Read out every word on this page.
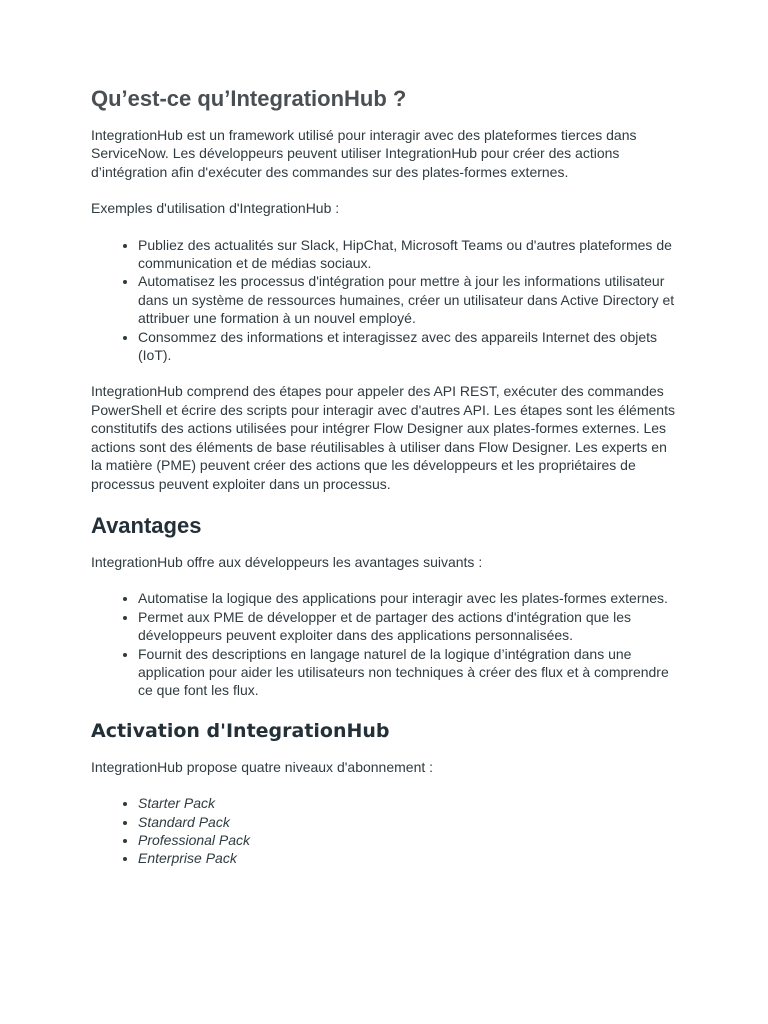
Qu’est-ce qu’IntegrationHub ?

IntegrationHub est un framework utilisé pour interagir avec des plateformes tierces dans ServiceNow. Les développeurs peuvent utiliser IntegrationHub pour créer des actions d’intégration afin d'exécuter des commandes sur des plates-formes externes.

Exemples d'utilisation d'IntegrationHub :

• Publiez des actualités sur Slack, HipChat, Microsoft Teams ou d'autres plateformes de communication et de médias sociaux.
• Automatisez les processus d'intégration pour mettre à jour les informations utilisateur dans un système de ressources humaines, créer un utilisateur dans Active Directory et attribuer une formation à un nouvel employé.
• Consommez des informations et interagissez avec des appareils Internet des objets (IoT).

IntegrationHub comprend des étapes pour appeler des API REST, exécuter des commandes PowerShell et écrire des scripts pour interagir avec d'autres API. Les étapes sont les éléments constitutifs des actions utilisées pour intégrer Flow Designer aux plates-formes externes. Les actions sont des éléments de base réutilisables à utiliser dans Flow Designer. Les experts en la matière (PME) peuvent créer des actions que les développeurs et les propriétaires de processus peuvent exploiter dans un processus.

Avantages

IntegrationHub offre aux développeurs les avantages suivants :

• Automatise la logique des applications pour interagir avec les plates-formes externes.
• Permet aux PME de développer et de partager des actions d'intégration que les développeurs peuvent exploiter dans des applications personnalisées.
• Fournit des descriptions en langage naturel de la logique d’intégration dans une application pour aider les utilisateurs non techniques à créer des flux et à comprendre ce que font les flux.
Activation d'IntegrationHub

IntegrationHub propose quatre niveaux d'abonnement :

• Starter Pack
• Standard Pack
• Professional Pack
• Enterprise Pack
